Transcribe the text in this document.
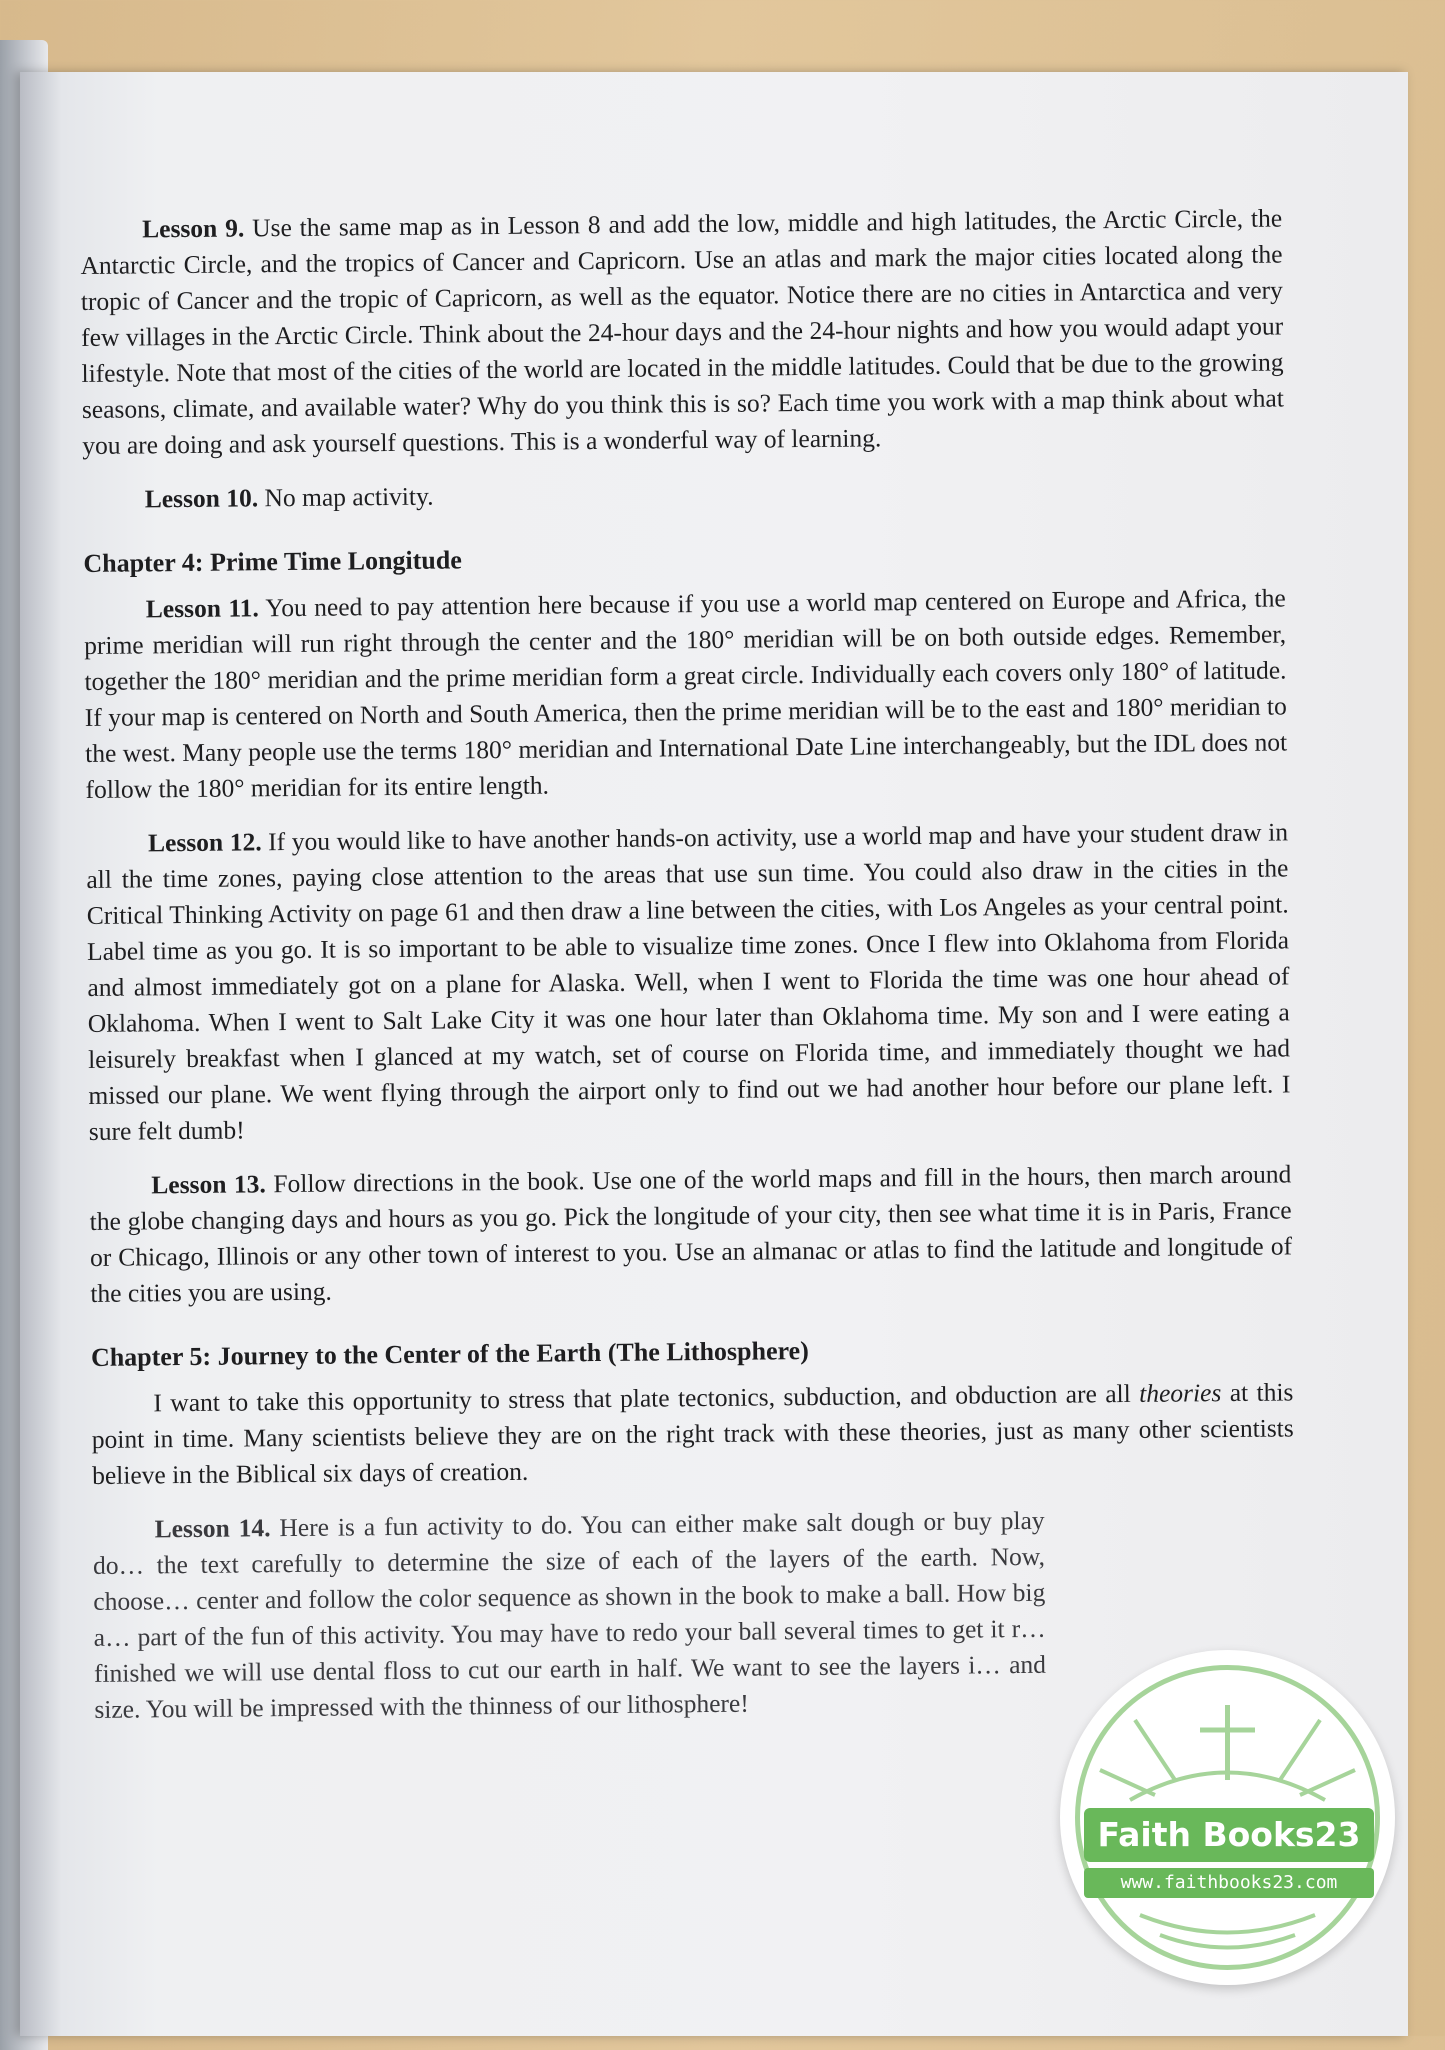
Lesson 9. Use the same map as in Lesson 8 and add the low, middle and high latitudes, the Arctic Circle, the Antarctic Circle, and the tropics of Cancer and Capricorn. Use an atlas and mark the major cities located along the tropic of Cancer and the tropic of Capricorn, as well as the equator. Notice there are no cities in Antarctica and very few villages in the Arctic Circle. Think about the 24-hour days and the 24-hour nights and how you would adapt your lifestyle. Note that most of the cities of the world are located in the middle latitudes. Could that be due to the growing seasons, climate, and available water? Why do you think this is so? Each time you work with a map think about what you are doing and ask yourself questions. This is a wonderful way of learning.

Lesson 10. No map activity.

Chapter 4: Prime Time Longitude

Lesson 11. You need to pay attention here because if you use a world map centered on Europe and Africa, the prime meridian will run right through the center and the 180° meridian will be on both outside edges. Remember, together the 180° meridian and the prime meridian form a great circle. Individually each covers only 180° of latitude. If your map is centered on North and South America, then the prime meridian will be to the east and 180° meridian to the west. Many people use the terms 180° meridian and International Date Line interchangeably, but the IDL does not follow the 180° meridian for its entire length.

Lesson 12. If you would like to have another hands-on activity, use a world map and have your student draw in all the time zones, paying close attention to the areas that use sun time. You could also draw in the cities in the Critical Thinking Activity on page 61 and then draw a line between the cities, with Los Angeles as your central point. Label time as you go. It is so important to be able to visualize time zones. Once I flew into Oklahoma from Florida and almost immediately got on a plane for Alaska. Well, when I went to Florida the time was one hour ahead of Oklahoma. When I went to Salt Lake City it was one hour later than Oklahoma time. My son and I were eating a leisurely breakfast when I glanced at my watch, set of course on Florida time, and immediately thought we had missed our plane. We went flying through the airport only to find out we had another hour before our plane left. I sure felt dumb!

Lesson 13. Follow directions in the book. Use one of the world maps and fill in the hours, then march around the globe changing days and hours as you go. Pick the longitude of your city, then see what time it is in Paris, France or Chicago, Illinois or any other town of interest to you. Use an almanac or atlas to find the latitude and longitude of the cities you are using.

Chapter 5: Journey to the Center of the Earth (The Lithosphere)

I want to take this opportunity to stress that plate tectonics, subduction, and obduction are all theories at this point in time. Many scientists believe they are on the right track with these theories, just as many other scientists believe in the Biblical six days of creation.

Lesson 14. Here is a fun activity to do. You can either make salt dough or buy play do… the text carefully to determine the size of each of the layers of the earth. Now, choose… center and follow the color sequence as shown in the book to make a ball. How big a… part of the fun of this activity. You may have to redo your ball several times to get it r… finished we will use dental floss to cut our earth in half. We want to see the layers i… and size. You will be impressed with the thinness of our lithosphere!

Faith Books23
www.faithbooks23.com
